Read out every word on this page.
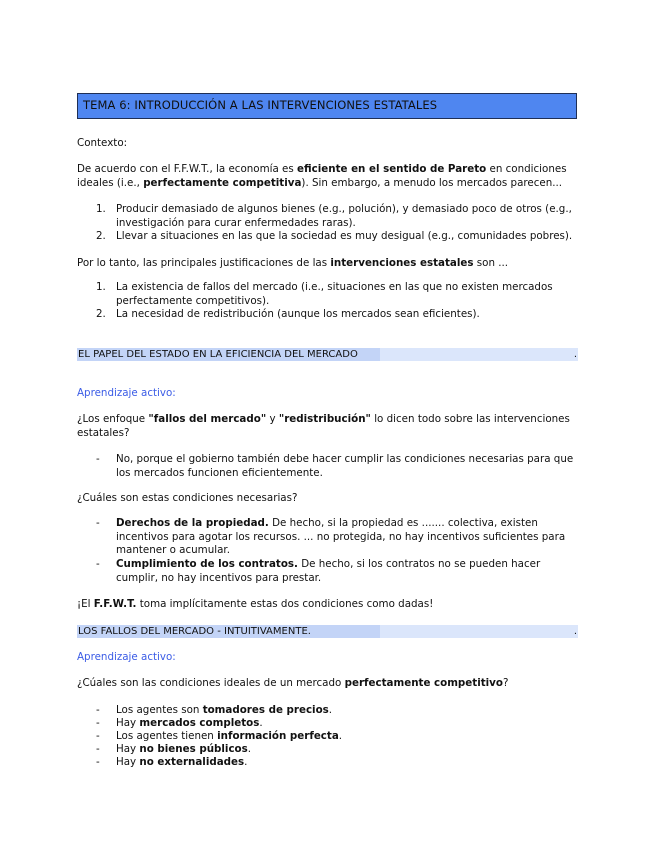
TEMA 6: INTRODUCCIÓN A LAS INTERVENCIONES ESTATALES
Contexto:
De acuerdo con el F.F.W.T., la economía es eficiente en el sentido de Pareto en condiciones ideales (i.e., perfectamente competitiva). Sin embargo, a menudo los mercados parecen...
1. Producir demasiado de algunos bienes (e.g., polución), y demasiado poco de otros (e.g., investigación para curar enfermedades raras).
2. Llevar a situaciones en las que la sociedad es muy desigual (e.g., comunidades pobres).
Por lo tanto, las principales justificaciones de las intervenciones estatales son ...
1. La existencia de fallos del mercado (i.e., situaciones en las que no existen mercados perfectamente competitivos).
2. La necesidad de redistribución (aunque los mercados sean eficientes).
EL PAPEL DEL ESTADO EN LA EFICIENCIA DEL MERCADO	.
Aprendizaje activo:
¿Los enfoque "fallos del mercado" y "redistribución" lo dicen todo sobre las intervenciones estatales?
- No, porque el gobierno también debe hacer cumplir las condiciones necesarias para que los mercados funcionen eficientemente.
¿Cuáles son estas condiciones necesarias?
- Derechos de la propiedad. De hecho, si la propiedad es ....... colectiva, existen incentivos para agotar los recursos. ... no protegida, no hay incentivos suficientes para mantener o acumular.
- Cumplimiento de los contratos. De hecho, si los contratos no se pueden hacer cumplir, no hay incentivos para prestar.
¡El F.F.W.T. toma implícitamente estas dos condiciones como dadas!
LOS FALLOS DEL MERCADO - INTUITIVAMENTE.	.
Aprendizaje activo:
¿Cúales son las condiciones ideales de un mercado perfectamente competitivo?
- Los agentes son tomadores de precios.
- Hay mercados completos.
- Los agentes tienen información perfecta.
- Hay no bienes públicos.
- Hay no externalidades.
